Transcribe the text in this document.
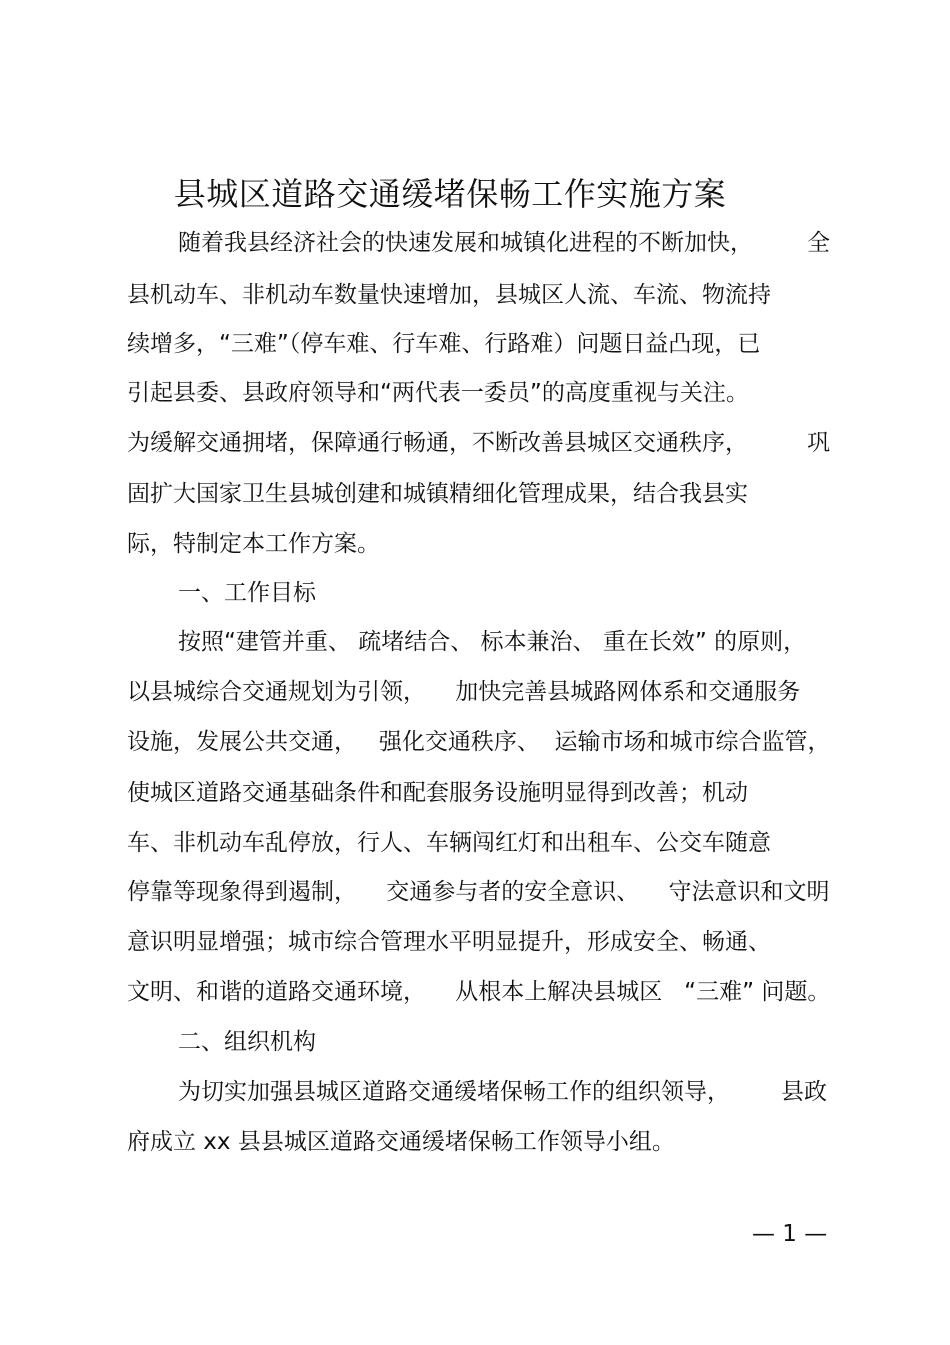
县城区道路交通缓堵保畅工作实施方案
随着我县经济社会的快速发展和城镇化进程的不断加快， 全
县机动车、非机动车数量快速增加，县城区人流、车流、物流持
续增多，“三难”（停车难、行车难、行路难）问题日益凸现，已
引起县委、县政府领导和“两代表一委员”的高度重视与关注。
为缓解交通拥堵，保障通行畅通，不断改善县城区交通秩序，	巩
固扩大国家卫生县城创建和城镇精细化管理成果，结合我县实
际，特制定本工作方案。
一、工作目标
按照“建管并重、 疏堵结合、 标本兼治、 重在长效” 的原则，
以县城综合交通规划为引领，    加快完善县城路网体系和交通服务
设施，发展公共交通，   强化交通秩序、  运输市场和城市综合监管，
使城区道路交通基础条件和配套服务设施明显得到改善；机动
车、非机动车乱停放，行人、车辆闯红灯和出租车、公交车随意
停靠等现象得到遏制，    交通参与者的安全意识、    守法意识和文明
意识明显增强；城市综合管理水平明显提升，形成安全、畅通、
文明、和谐的道路交通环境，    从根本上解决县城区   “三难” 问题。
二、组织机构
为切实加强县城区道路交通缓堵保畅工作的组织领导， 县政
府成立 xx 县县城区道路交通缓堵保畅工作领导小组。
— 1 —
